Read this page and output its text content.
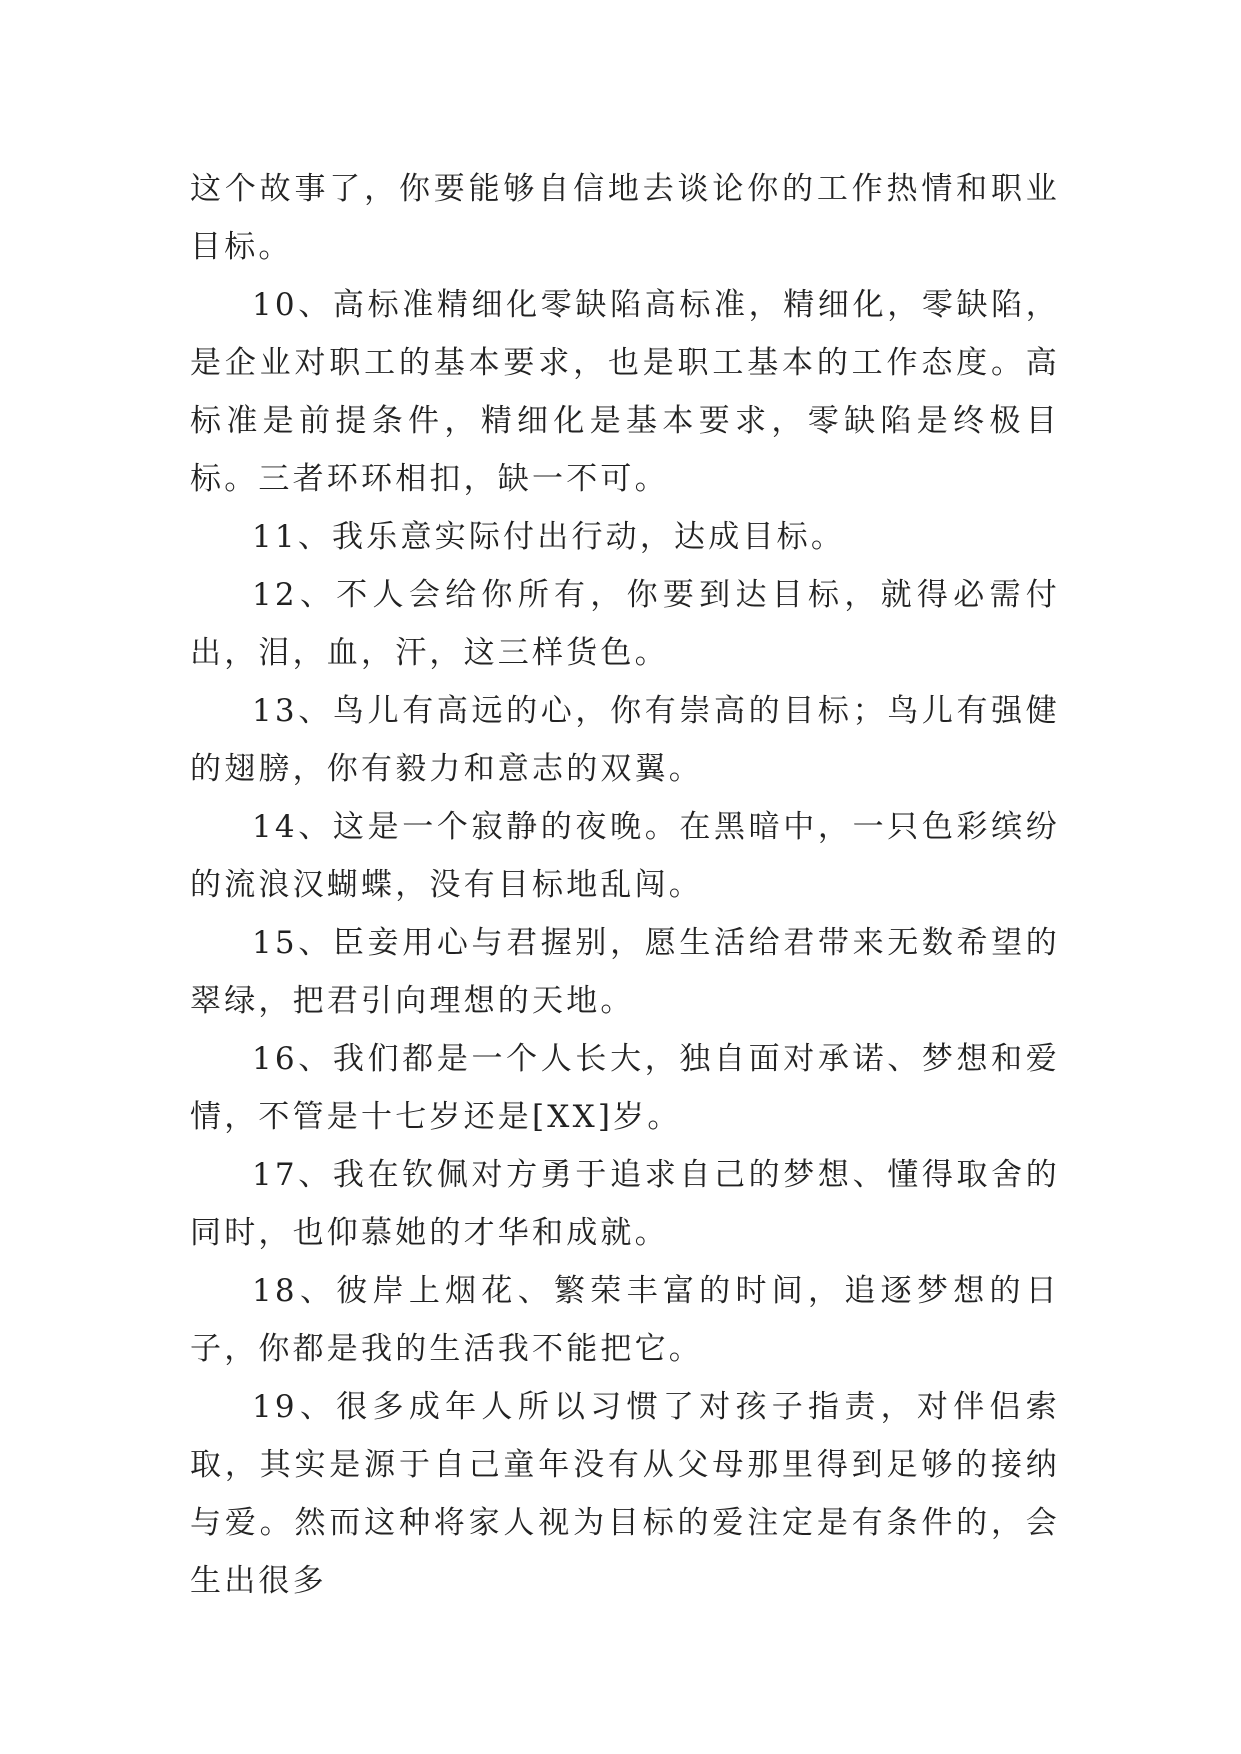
这个故事了，你要能够自信地去谈论你的工作热情和职业目标。

10、高标准精细化零缺陷高标准，精细化，零缺陷，是企业对职工的基本要求，也是职工基本的工作态度。高标准是前提条件，精细化是基本要求，零缺陷是终极目标。三者环环相扣，缺一不可。

11、我乐意实际付出行动，达成目标。

12、不人会给你所有，你要到达目标，就得必需付出，泪，血，汗，这三样货色。

13、鸟儿有高远的心，你有崇高的目标；鸟儿有强健的翅膀，你有毅力和意志的双翼。

14、这是一个寂静的夜晚。在黑暗中，一只色彩缤纷的流浪汉蝴蝶，没有目标地乱闯。

15、臣妾用心与君握别，愿生活给君带来无数希望的翠绿，把君引向理想的天地。

16、我们都是一个人长大，独自面对承诺、梦想和爱情，不管是十七岁还是[XX]岁。

17、我在钦佩对方勇于追求自己的梦想、懂得取舍的同时，也仰慕她的才华和成就。

18、彼岸上烟花、繁荣丰富的时间，追逐梦想的日子，你都是我的生活我不能把它。

19、很多成年人所以习惯了对孩子指责，对伴侣索取，其实是源于自己童年没有从父母那里得到足够的接纳与爱。然而这种将家人视为目标的爱注定是有条件的，会生出很多
